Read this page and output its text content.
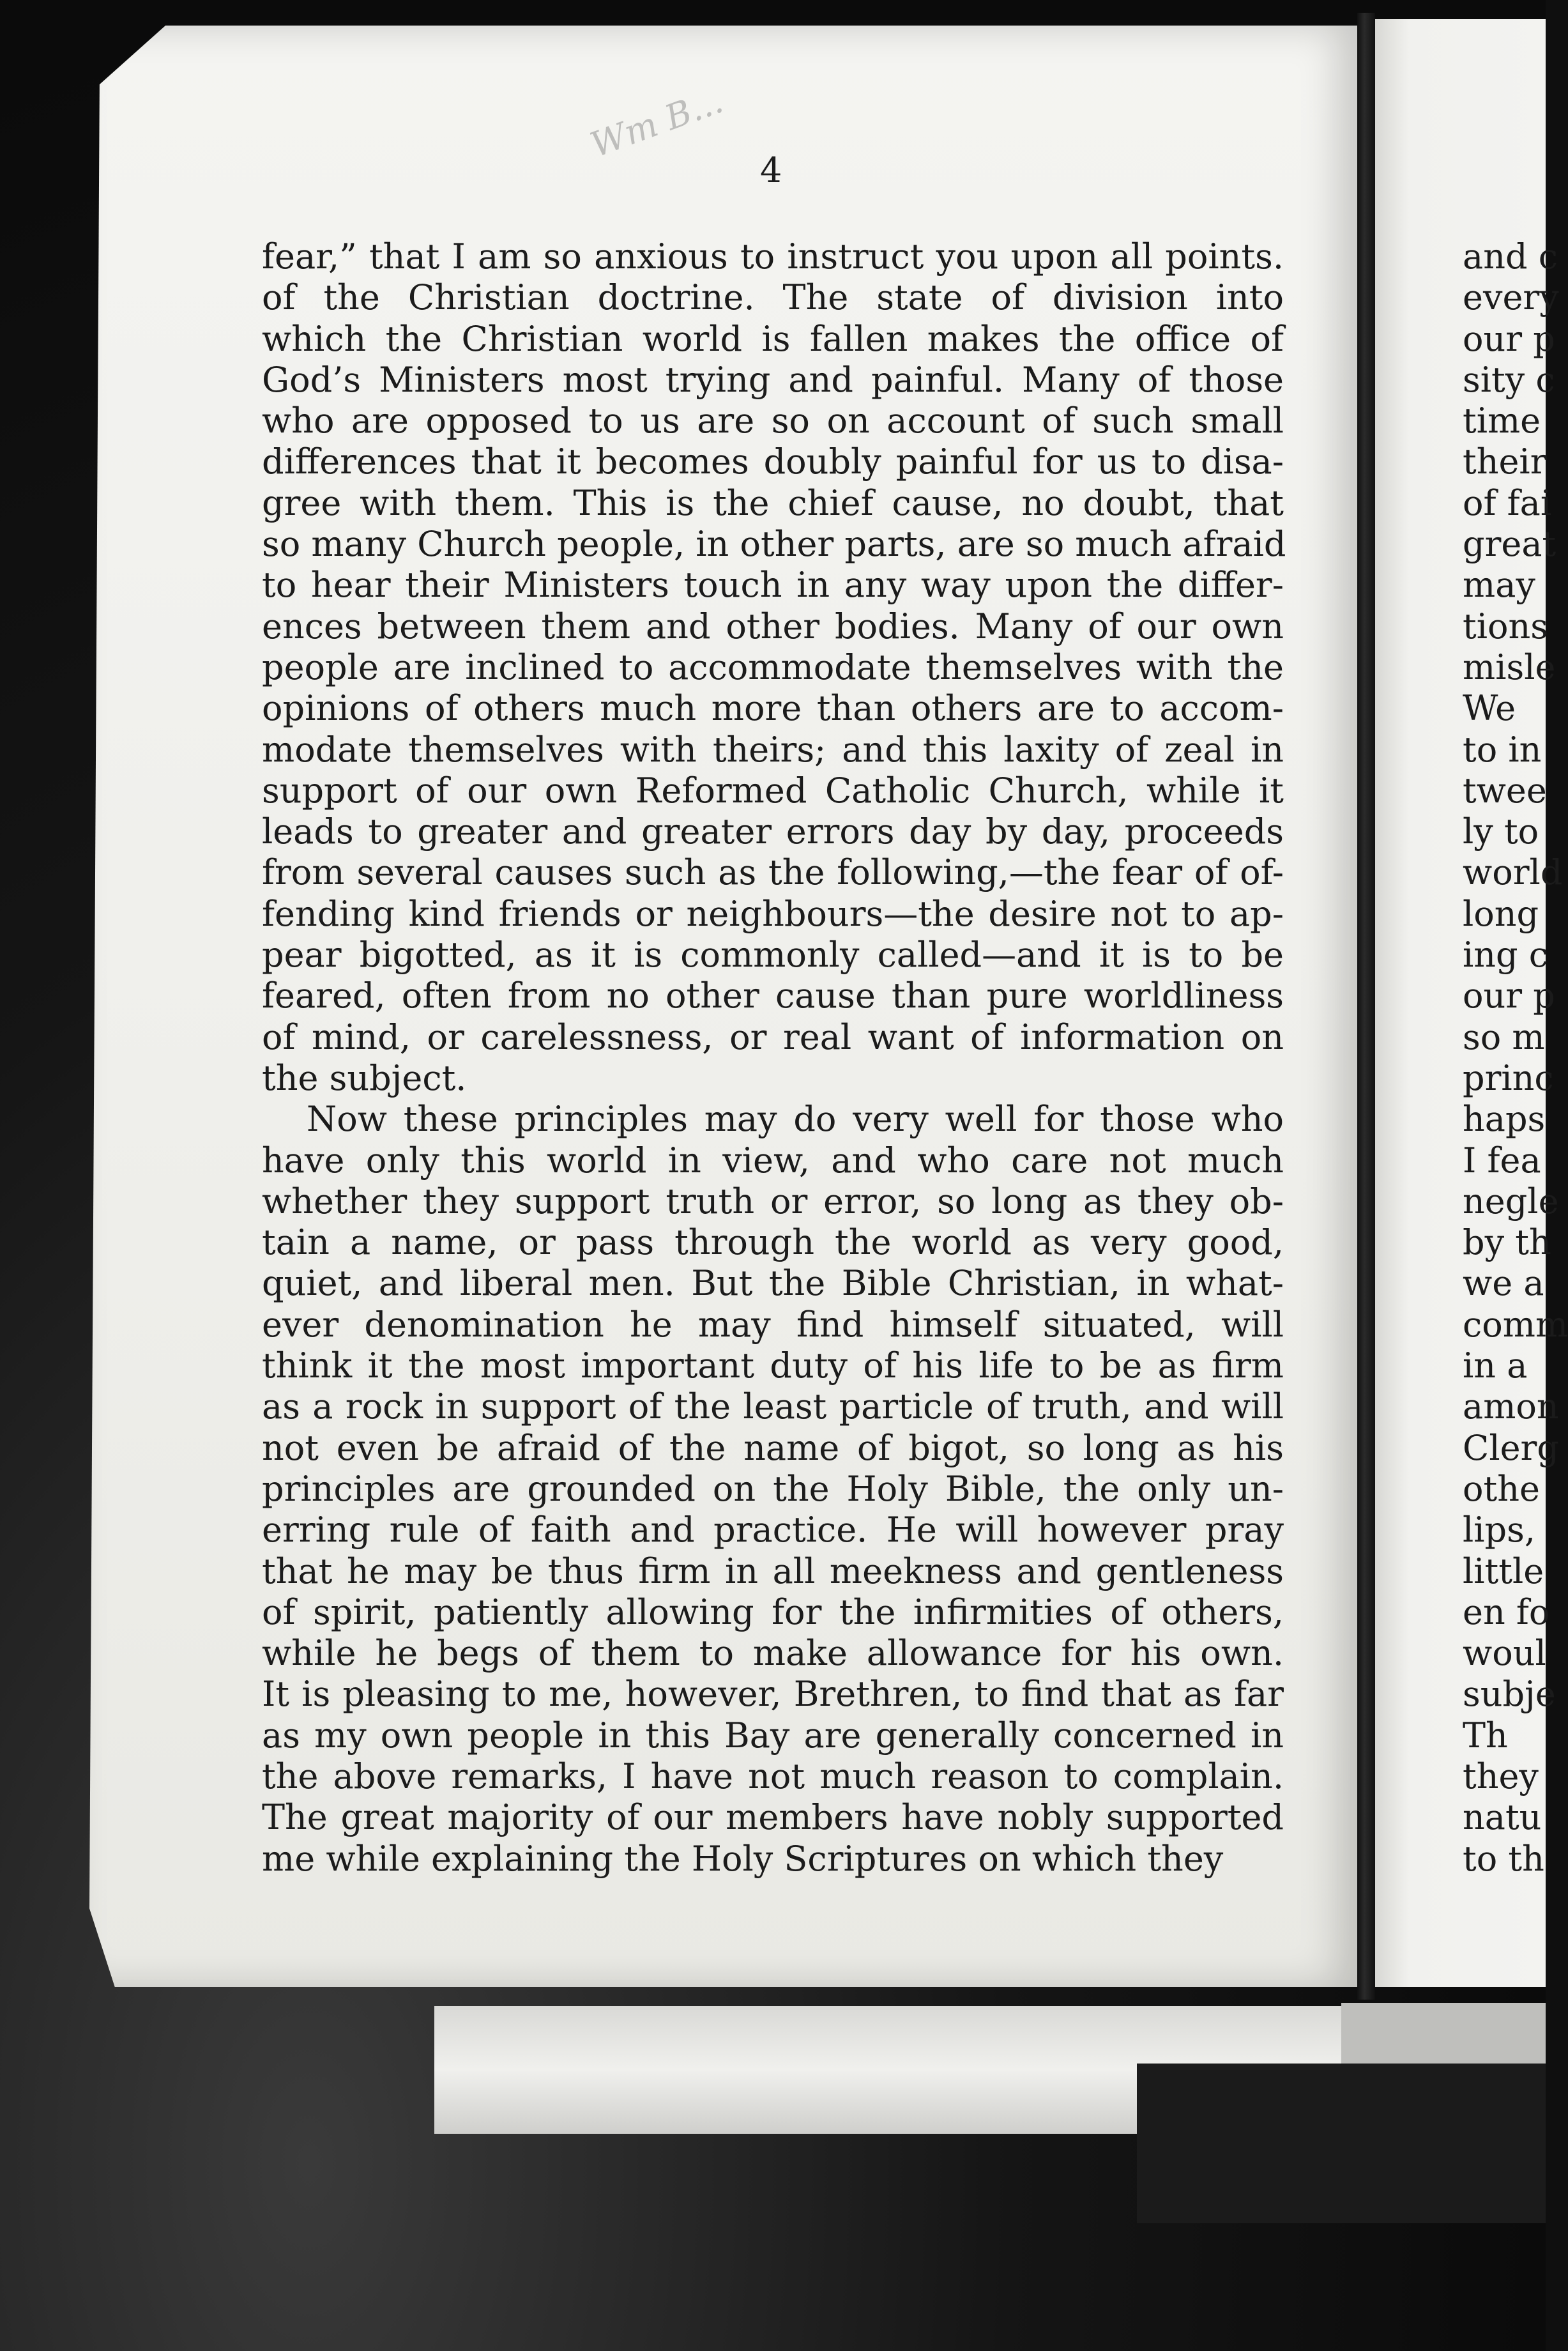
Wm B...
4
fear,” that I am so anxious to instruct you upon all points.
of the Christian doctrine. The state of division into
which the Christian world is fallen makes the office of
God’s Ministers most trying and painful. Many of those
who are opposed to us are so on account of such small
differences that it becomes doubly painful for us to disa-
gree with them. This is the chief cause, no doubt, that
so many Church people, in other parts, are so much afraid
to hear their Ministers touch in any way upon the differ-
ences between them and other bodies. Many of our own
people are inclined to accommodate themselves with the
opinions of others much more than others are to accom-
modate themselves with theirs; and this laxity of zeal in
support of our own Reformed Catholic Church, while it
leads to greater and greater errors day by day, proceeds
from several causes such as the following,—the fear of of-
fending kind friends or neighbours—the desire not to ap-
pear bigotted, as it is commonly called—and it is to be
feared, often from no other cause than pure worldliness
of mind, or carelessness, or real want of information on
the subject.
Now these principles may do very well for those who
have only this world in view, and who care not much
whether they support truth or error, so long as they ob-
tain a name, or pass through the world as very good,
quiet, and liberal men. But the Bible Christian, in what-
ever denomination he may find himself situated, will
think it the most important duty of his life to be as firm
as a rock in support of the least particle of truth, and will
not even be afraid of the name of bigot, so long as his
principles are grounded on the Holy Bible, the only un-
erring rule of faith and practice. He will however pray
that he may be thus firm in all meekness and gentleness
of spirit, patiently allowing for the infirmities of others,
while he begs of them to make allowance for his own.
It is pleasing to me, however, Brethren, to find that as far
as my own people in this Bay are generally concerned in
the above remarks, I have not much reason to complain.
The great majority of our members have nobly supported
me while explaining the Holy Scriptures on which they
and c
every
our p
sity c
time
their
of fai
great
may
tions
misle
We
to in
twee
ly to
world
long
ing c
our p
so m
princ
haps
I fea
negle
by th
we a
comm
in a
amon
Clerg
othe
lips,
little
en fo
woul
subje
Th
they
natu
to th
